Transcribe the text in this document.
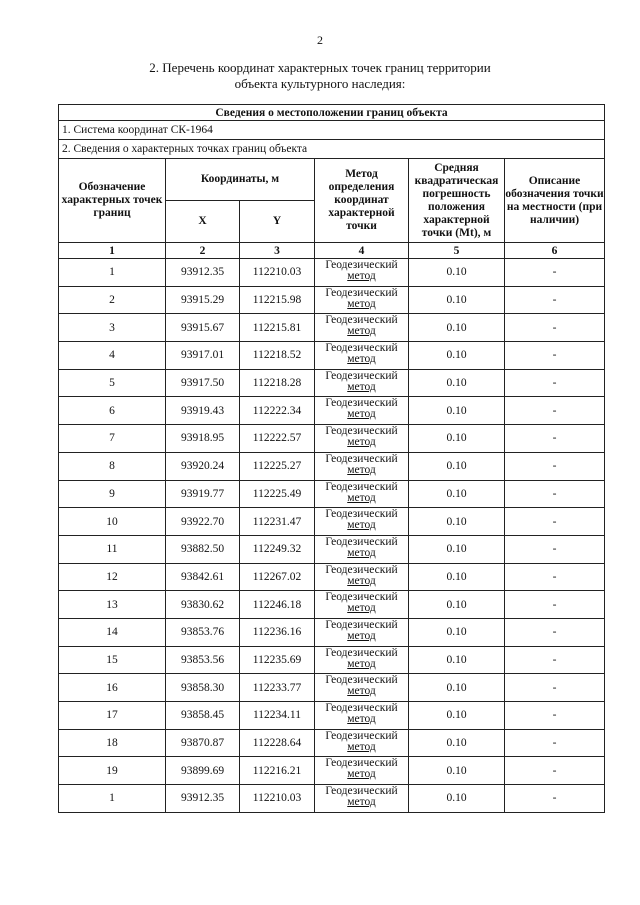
2
2. Перечень координат характерных точек границ территории
объекта культурного наследия:
Сведения о местоположении границ объекта					
1. Система координат СК-1964					
2. Сведения о характерных точках границ объекта					
Обозначение характерных точек границ	Координаты, м		Метод определения координат характерной точки	Средняя квадратическая погрешность положения характерной точки (Mt), м	Описание обозначения точки на местности (при наличии)
	X	Y			
1	2	3	4	5	6
1	93912.35	112210.03	Геодезический
метод	0.10	-
2	93915.29	112215.98	Геодезический
метод	0.10	-
3	93915.67	112215.81	Геодезический
метод	0.10	-
4	93917.01	112218.52	Геодезический
метод	0.10	-
5	93917.50	112218.28	Геодезический
метод	0.10	-
6	93919.43	112222.34	Геодезический
метод	0.10	-
7	93918.95	112222.57	Геодезический
метод	0.10	-
8	93920.24	112225.27	Геодезический
метод	0.10	-
9	93919.77	112225.49	Геодезический
метод	0.10	-
10	93922.70	112231.47	Геодезический
метод	0.10	-
11	93882.50	112249.32	Геодезический
метод	0.10	-
12	93842.61	112267.02	Геодезический
метод	0.10	-
13	93830.62	112246.18	Геодезический
метод	0.10	-
14	93853.76	112236.16	Геодезический
метод	0.10	-
15	93853.56	112235.69	Геодезический
метод	0.10	-
16	93858.30	112233.77	Геодезический
метод	0.10	-
17	93858.45	112234.11	Геодезический
метод	0.10	-
18	93870.87	112228.64	Геодезический
метод	0.10	-
19	93899.69	112216.21	Геодезический
метод	0.10	-
1	93912.35	112210.03	Геодезический
метод	0.10	-
